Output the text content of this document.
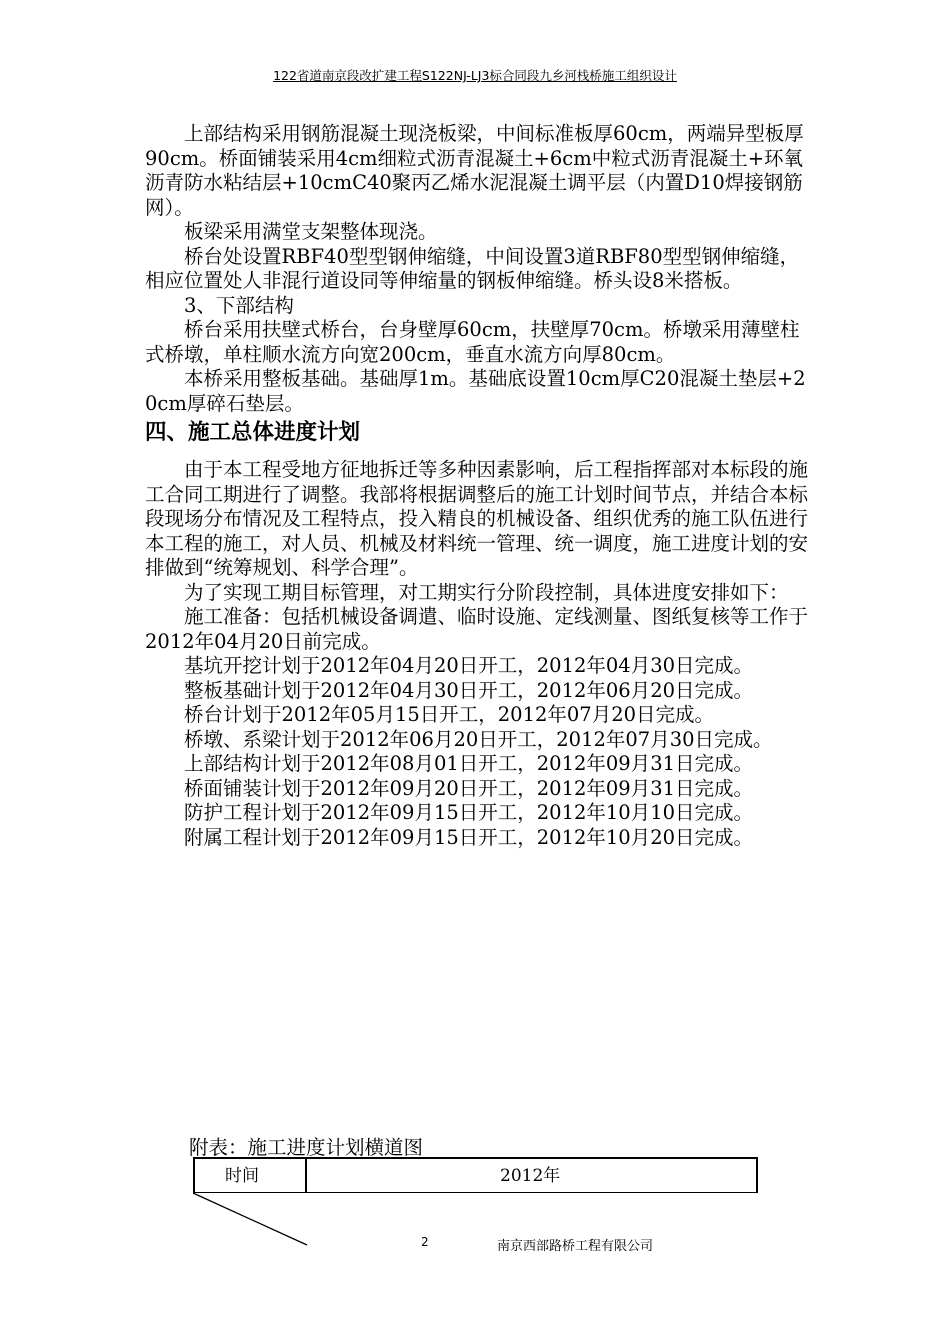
122省道南京段改扩建工程S122NJ-LJ3标合同段九乡河栈桥施工组织设计

上部结构采用钢筋混凝土现浇板梁，中间标准板厚60cm，两端异型板厚90cm。桥面铺装采用4cm细粒式沥青混凝土+6cm中粒式沥青混凝土+环氧沥青防水粘结层+10cmC40聚丙乙烯水泥混凝土调平层（内置D10焊接钢筋网）。

板梁采用满堂支架整体现浇。

桥台处设置RBF40型型钢伸缩缝，中间设置3道RBF80型型钢伸缩缝，相应位置处人非混行道设同等伸缩量的钢板伸缩缝。桥头设8米搭板。

3、下部结构

桥台采用扶壁式桥台，台身壁厚60cm，扶壁厚70cm。桥墩采用薄壁柱式桥墩，单柱顺水流方向宽200cm，垂直水流方向厚80cm。

本桥采用整板基础。基础厚1m。基础底设置10cm厚C20混凝土垫层+20cm厚碎石垫层。

四、施工总体进度计划

由于本工程受地方征地拆迁等多种因素影响，后工程指挥部对本标段的施工合同工期进行了调整。我部将根据调整后的施工计划时间节点，并结合本标段现场分布情况及工程特点，投入精良的机械设备、组织优秀的施工队伍进行本工程的施工，对人员、机械及材料统一管理、统一调度，施工进度计划的安排做到“统筹规划、科学合理”。

为了实现工期目标管理，对工期实行分阶段控制，具体进度安排如下：

施工准备：包括机械设备调遣、临时设施、定线测量、图纸复核等工作于2012年04月20日前完成。

基坑开挖计划于2012年04月20日开工，2012年04月30日完成。

整板基础计划于2012年04月30日开工，2012年06月20日完成。

桥台计划于2012年05月15日开工，2012年07月20日完成。

桥墩、系梁计划于2012年06月20日开工，2012年07月30日完成。

上部结构计划于2012年08月01日开工，2012年09月31日完成。

桥面铺装计划于2012年09月20日开工，2012年09月31日完成。

防护工程计划于2012年09月15日开工，2012年10月10日完成。

附属工程计划于2012年09月15日开工，2012年10月20日完成。

附表：施工进度计划横道图
时间	2012年
2	南京西部路桥工程有限公司
